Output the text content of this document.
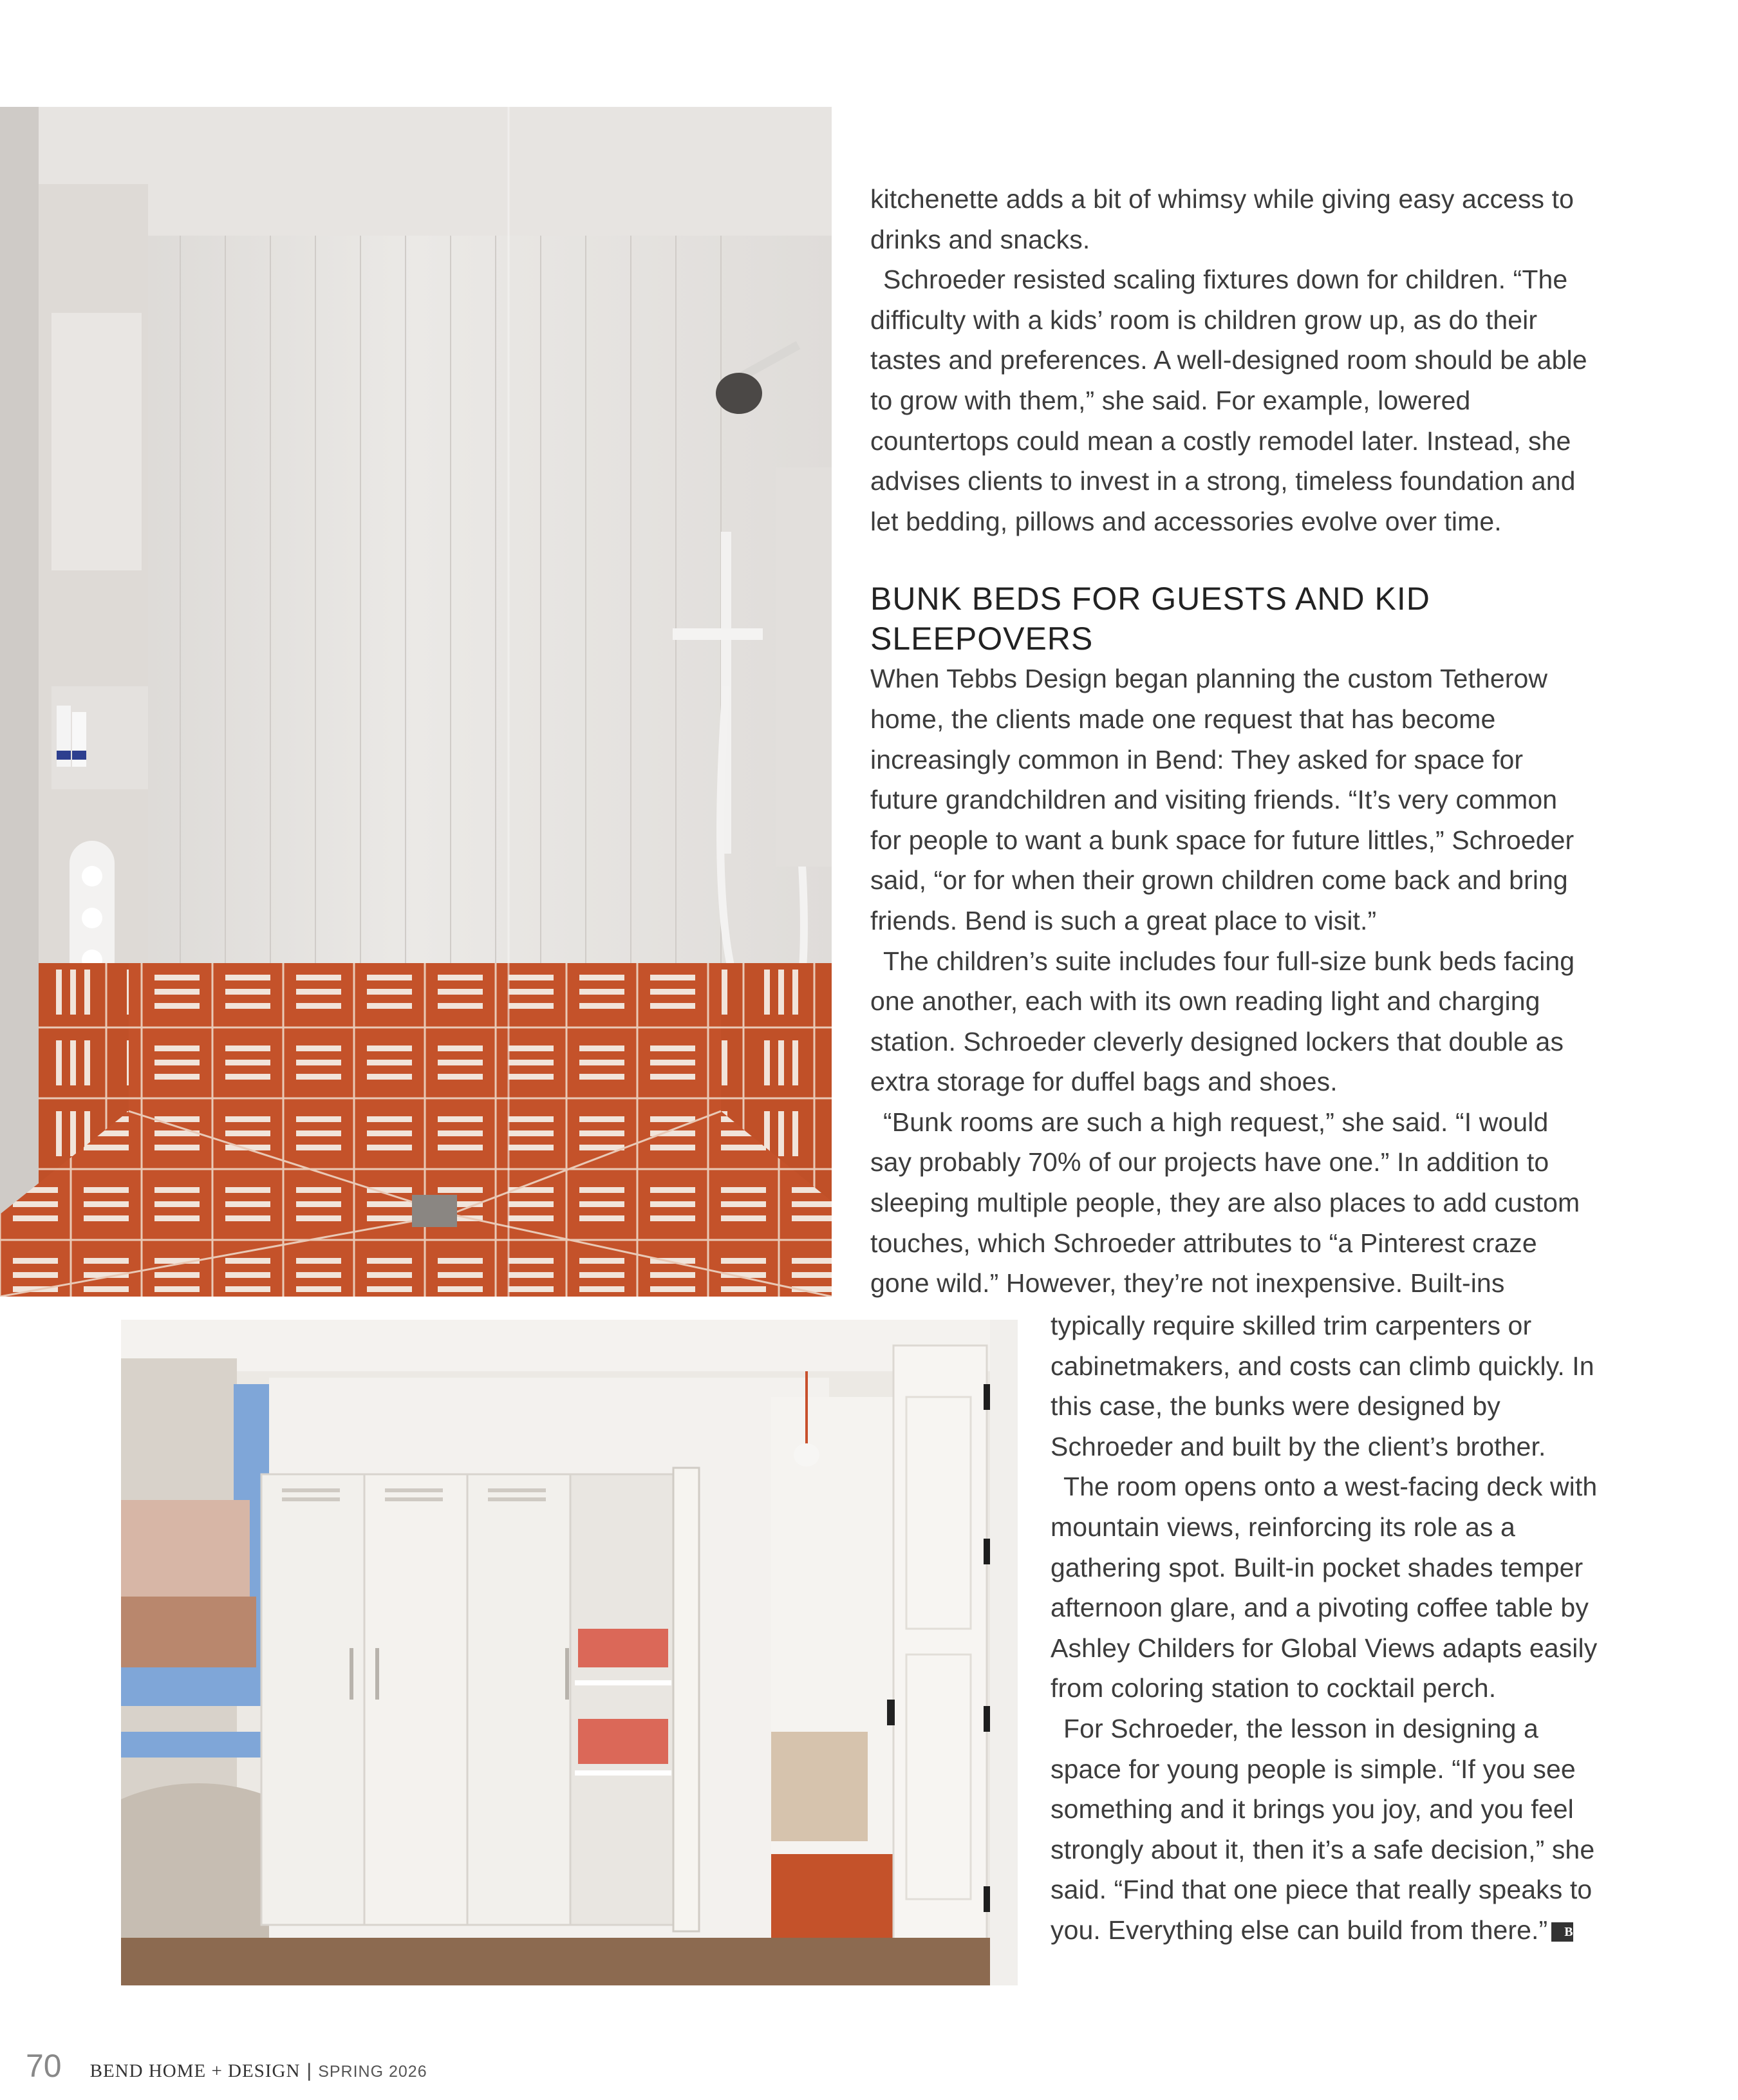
kitchenette adds a bit of whimsy while giving easy access to drinks and snacks.

Schroeder resisted scaling fixtures down for children. “The difficulty with a kids’ room is children grow up, as do their tastes and preferences. A well-designed room should be able to grow with them,” she said. For example, lowered countertops could mean a costly remodel later. Instead, she advises clients to invest in a strong, timeless foundation and let bedding, pillows and accessories evolve over time.

BUNK BEDS FOR GUESTS AND KID SLEEPOVERS

When Tebbs Design began planning the custom Tetherow home, the clients made one request that has become increasingly common in Bend: They asked for space for future grandchildren and visiting friends. “It’s very common for people to want a bunk space for future littles,” Schroeder said, “or for when their grown children come back and bring friends. Bend is such a great place to visit.”

The children’s suite includes four full-size bunk beds facing one another, each with its own reading light and charging station. Schroeder cleverly designed lockers that double as extra storage for duffel bags and shoes.

“Bunk rooms are such a high request,” she said. “I would say probably 70% of our projects have one.” In addition to sleeping multiple people, they are also places to add custom touches, which Schroeder attributes to “a Pinterest craze gone wild.” However, they’re not inexpensive. Built-ins

typically require skilled trim carpenters or cabinetmakers, and costs can climb quickly. In this case, the bunks were designed by Schroeder and built by the client’s brother.

The room opens onto a west-facing deck with mountain views, reinforcing its role as a gathering spot. Built-in pocket shades temper afternoon glare, and a pivoting coffee table by Ashley Childers for Global Views adapts easily from coloring station to cocktail perch.

For Schroeder, the lesson in designing a space for young people is simple. “If you see something and it brings you joy, and you feel strongly about it, then it’s a safe decision,” she said. “Find that one piece that really speaks to you. Everything else can build from there.” BH

70 BEND HOME + DESIGN | SPRING 2026
